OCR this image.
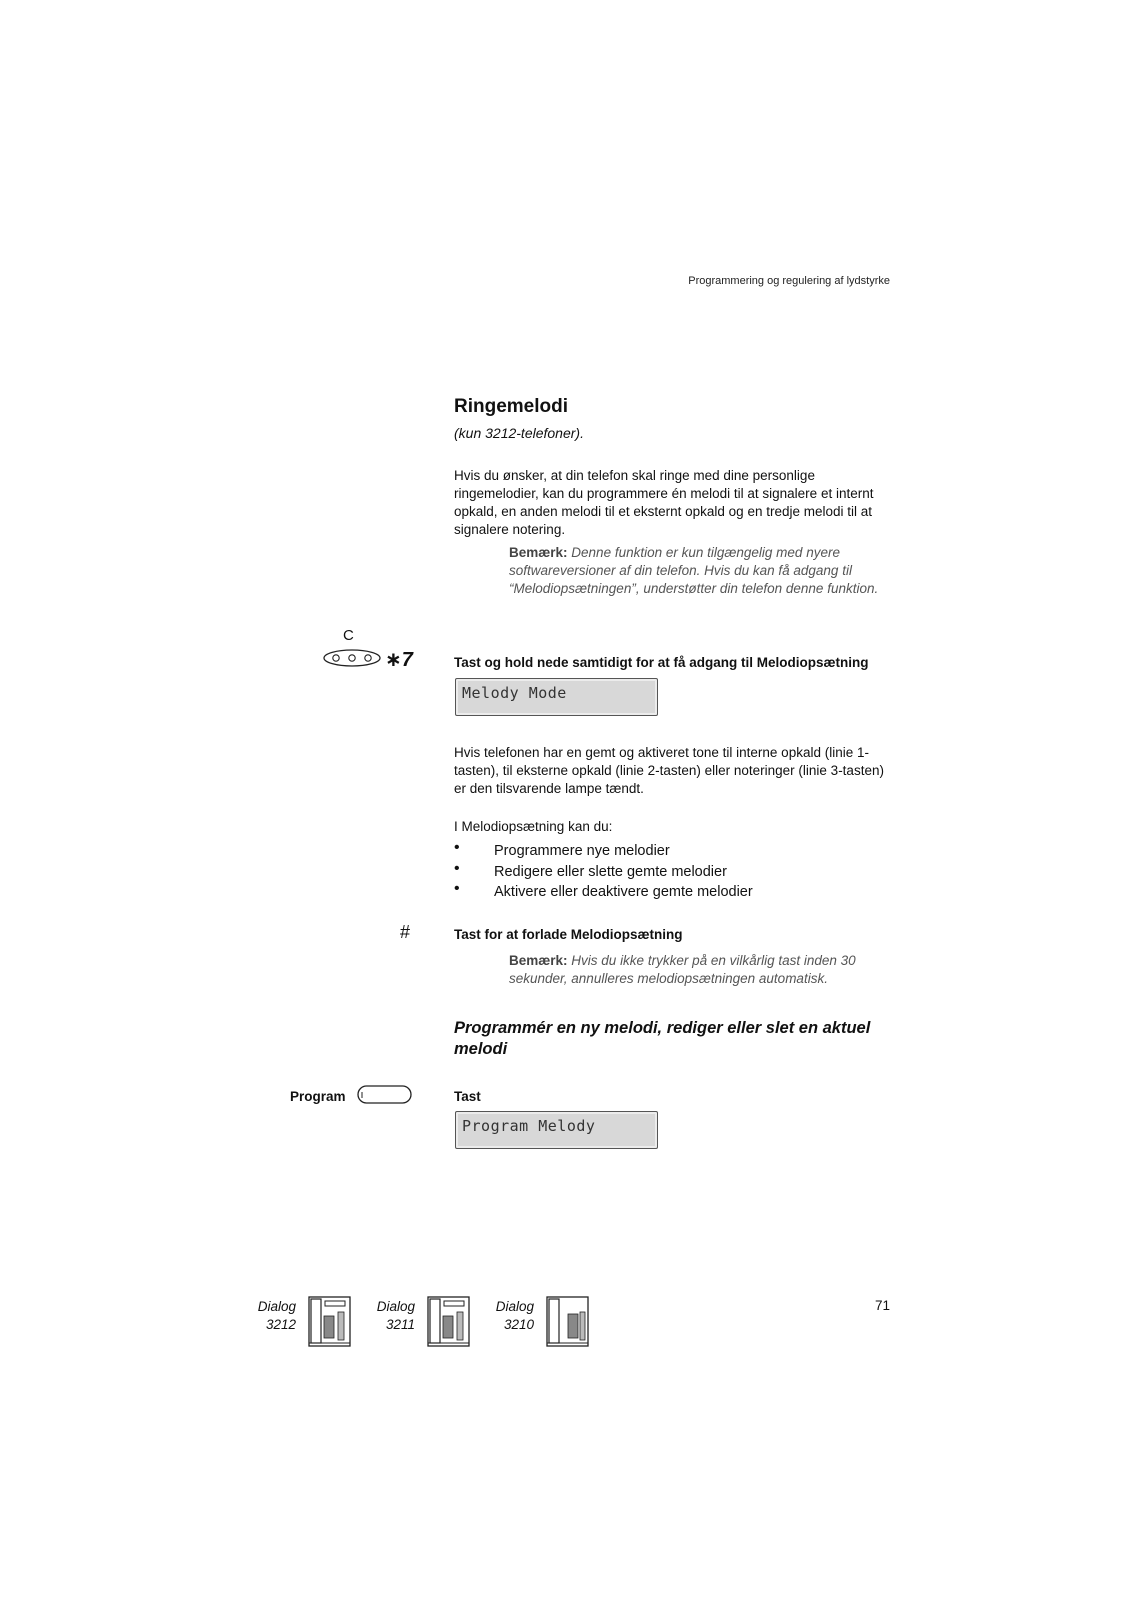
Programmering og regulering af lydstyrke
Ringemelodi
(kun 3212-telefoner).
Hvis du ønsker, at din telefon skal ringe med dine personlige ringemelodier, kan du programmere én melodi til at signalere et internt opkald, en anden melodi til et eksternt opkald og en tredje melodi til at signalere notering.
Bemærk: Denne funktion er kun tilgængelig med nyere softwareversioner af din telefon. Hvis du kan få adgang til “Melodiopsætningen”, understøtter din telefon denne funktion.
C
∗7	Tast og hold nede samtidigt for at få adgang til Melodiopsætning
Melody Mode
Hvis telefonen har en gemt og aktiveret tone til interne opkald (linie 1-tasten), til eksterne opkald (linie 2-tasten) eller noteringer (linie 3-tasten) er den tilsvarende lampe tændt.
I Melodiopsætning kan du:
• Programmere nye melodier
• Redigere eller slette gemte melodier
• Aktivere eller deaktivere gemte melodier
#	Tast for at forlade Melodiopsætning
Bemærk: Hvis du ikke trykker på en vilkårlig tast inden 30 sekunder, annulleres melodiopsætningen automatisk.
Programmér en ny melodi, rediger eller slet en aktuel melodi
Program	Tast
Program Melody
Dialog
3212
Dialog
3211
Dialog
3210
71
